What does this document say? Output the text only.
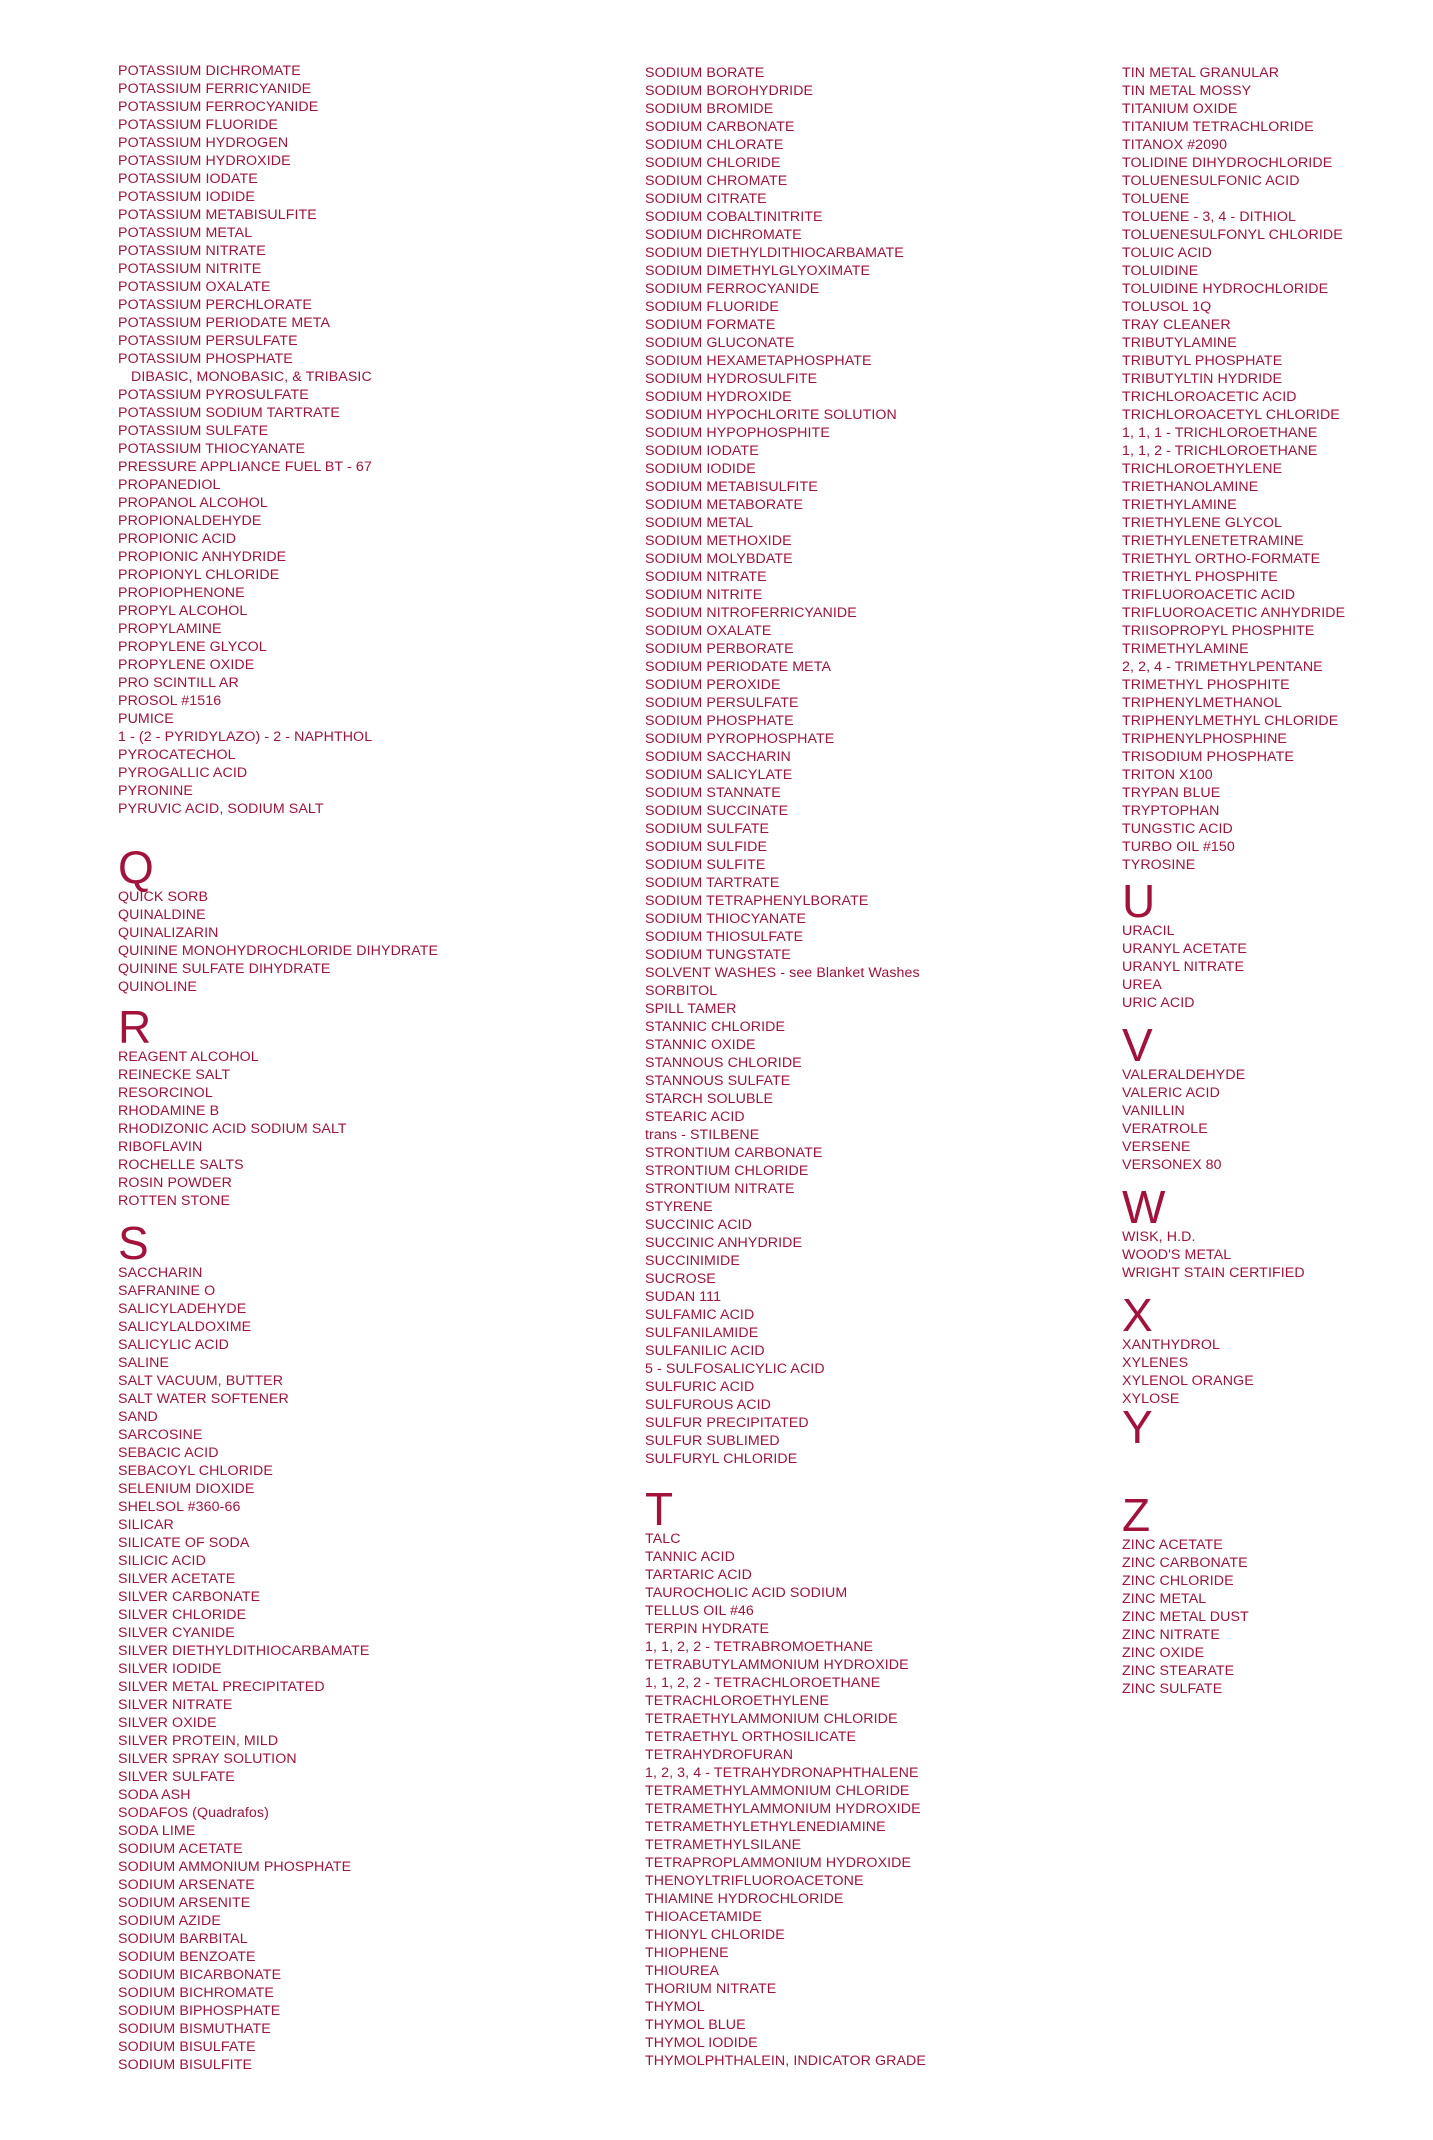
POTASSIUM DICHROMATE
POTASSIUM FERRICYANIDE
POTASSIUM FERROCYANIDE
POTASSIUM FLUORIDE
POTASSIUM HYDROGEN
POTASSIUM HYDROXIDE
POTASSIUM IODATE
POTASSIUM IODIDE
POTASSIUM METABISULFITE
POTASSIUM METAL
POTASSIUM NITRATE
POTASSIUM NITRITE
POTASSIUM OXALATE
POTASSIUM PERCHLORATE
POTASSIUM PERIODATE META
POTASSIUM PERSULFATE
POTASSIUM PHOSPHATE
DIBASIC, MONOBASIC, & TRIBASIC
POTASSIUM PYROSULFATE
POTASSIUM SODIUM TARTRATE
POTASSIUM SULFATE
POTASSIUM THIOCYANATE
PRESSURE APPLIANCE FUEL BT - 67
PROPANEDIOL
PROPANOL ALCOHOL
PROPIONALDEHYDE
PROPIONIC ACID
PROPIONIC ANHYDRIDE
PROPIONYL CHLORIDE
PROPIOPHENONE
PROPYL ALCOHOL
PROPYLAMINE
PROPYLENE GLYCOL
PROPYLENE OXIDE
PRO SCINTILL AR
PROSOL #1516
PUMICE
1 - (2 - PYRIDYLAZO) - 2 - NAPHTHOL
PYROCATECHOL
PYROGALLIC ACID
PYRONINE
PYRUVIC ACID, SODIUM SALT
Q
QUICK SORB
QUINALDINE
QUINALIZARIN
QUININE MONOHYDROCHLORIDE DIHYDRATE
QUININE SULFATE DIHYDRATE
QUINOLINE
R
REAGENT ALCOHOL
REINECKE SALT
RESORCINOL
RHODAMINE B
RHODIZONIC ACID SODIUM SALT
RIBOFLAVIN
ROCHELLE SALTS
ROSIN POWDER
ROTTEN STONE
S
SACCHARIN
SAFRANINE O
SALICYLADEHYDE
SALICYLALDOXIME
SALICYLIC ACID
SALINE
SALT VACUUM, BUTTER
SALT WATER SOFTENER
SAND
SARCOSINE
SEBACIC ACID
SEBACOYL CHLORIDE
SELENIUM DIOXIDE
SHELSOL #360-66
SILICAR
SILICATE OF SODA
SILICIC ACID
SILVER ACETATE
SILVER CARBONATE
SILVER CHLORIDE
SILVER CYANIDE
SILVER DIETHYLDITHIOCARBAMATE
SILVER IODIDE
SILVER METAL PRECIPITATED
SILVER NITRATE
SILVER OXIDE
SILVER PROTEIN, MILD
SILVER SPRAY SOLUTION
SILVER SULFATE
SODA ASH
SODAFOS (Quadrafos)
SODA LIME
SODIUM ACETATE
SODIUM AMMONIUM PHOSPHATE
SODIUM ARSENATE
SODIUM ARSENITE
SODIUM AZIDE
SODIUM BARBITAL
SODIUM BENZOATE
SODIUM BICARBONATE
SODIUM BICHROMATE
SODIUM BIPHOSPHATE
SODIUM BISMUTHATE
SODIUM BISULFATE
SODIUM BISULFITE
SODIUM BORATE
SODIUM BOROHYDRIDE
SODIUM BROMIDE
SODIUM CARBONATE
SODIUM CHLORATE
SODIUM CHLORIDE
SODIUM CHROMATE
SODIUM CITRATE
SODIUM COBALTINITRITE
SODIUM DICHROMATE
SODIUM DIETHYLDITHIOCARBAMATE
SODIUM DIMETHYLGLYOXIMATE
SODIUM FERROCYANIDE
SODIUM FLUORIDE
SODIUM FORMATE
SODIUM GLUCONATE
SODIUM HEXAMETAPHOSPHATE
SODIUM HYDROSULFITE
SODIUM HYDROXIDE
SODIUM HYPOCHLORITE SOLUTION
SODIUM HYPOPHOSPHITE
SODIUM IODATE
SODIUM IODIDE
SODIUM METABISULFITE
SODIUM METABORATE
SODIUM METAL
SODIUM METHOXIDE
SODIUM MOLYBDATE
SODIUM NITRATE
SODIUM NITRITE
SODIUM NITROFERRICYANIDE
SODIUM OXALATE
SODIUM PERBORATE
SODIUM PERIODATE META
SODIUM PEROXIDE
SODIUM PERSULFATE
SODIUM PHOSPHATE
SODIUM PYROPHOSPHATE
SODIUM SACCHARIN
SODIUM SALICYLATE
SODIUM STANNATE
SODIUM SUCCINATE
SODIUM SULFATE
SODIUM SULFIDE
SODIUM SULFITE
SODIUM TARTRATE
SODIUM TETRAPHENYLBORATE
SODIUM THIOCYANATE
SODIUM THIOSULFATE
SODIUM TUNGSTATE
SOLVENT WASHES - see Blanket Washes
SORBITOL
SPILL TAMER
STANNIC CHLORIDE
STANNIC OXIDE
STANNOUS CHLORIDE
STANNOUS SULFATE
STARCH SOLUBLE
STEARIC ACID
trans - STILBENE
STRONTIUM CARBONATE
STRONTIUM CHLORIDE
STRONTIUM NITRATE
STYRENE
SUCCINIC ACID
SUCCINIC ANHYDRIDE
SUCCINIMIDE
SUCROSE
SUDAN 111
SULFAMIC ACID
SULFANILAMIDE
SULFANILIC ACID
5 - SULFOSALICYLIC ACID
SULFURIC ACID
SULFUROUS ACID
SULFUR PRECIPITATED
SULFUR SUBLIMED
SULFURYL CHLORIDE
T
TALC
TANNIC ACID
TARTARIC ACID
TAUROCHOLIC ACID SODIUM
TELLUS OIL #46
TERPIN HYDRATE
1, 1, 2, 2 - TETRABROMOETHANE
TETRABUTYLAMMONIUM HYDROXIDE
1, 1, 2, 2 - TETRACHLOROETHANE
TETRACHLOROETHYLENE
TETRAETHYLAMMONIUM CHLORIDE
TETRAETHYL ORTHOSILICATE
TETRAHYDROFURAN
1, 2, 3, 4 - TETRAHYDRONAPHTHALENE
TETRAMETHYLAMMONIUM CHLORIDE
TETRAMETHYLAMMONIUM HYDROXIDE
TETRAMETHYLETHYLENEDIAMINE
TETRAMETHYLSILANE
TETRAPROPLAMMONIUM HYDROXIDE
THENOYLTRIFLUOROACETONE
THIAMINE HYDROCHLORIDE
THIOACETAMIDE
THIONYL CHLORIDE
THIOPHENE
THIOUREA
THORIUM NITRATE
THYMOL
THYMOL BLUE
THYMOL IODIDE
THYMOLPHTHALEIN, INDICATOR GRADE
TIN METAL GRANULAR
TIN METAL MOSSY
TITANIUM OXIDE
TITANIUM TETRACHLORIDE
TITANOX #2090
TOLIDINE DIHYDROCHLORIDE
TOLUENESULFONIC ACID
TOLUENE
TOLUENE - 3, 4 - DITHIOL
TOLUENESULFONYL CHLORIDE
TOLUIC ACID
TOLUIDINE
TOLUIDINE HYDROCHLORIDE
TOLUSOL 1Q
TRAY CLEANER
TRIBUTYLAMINE
TRIBUTYL PHOSPHATE
TRIBUTYLTIN HYDRIDE
TRICHLOROACETIC ACID
TRICHLOROACETYL CHLORIDE
1, 1, 1 - TRICHLOROETHANE
1, 1, 2 - TRICHLOROETHANE
TRICHLOROETHYLENE
TRIETHANOLAMINE
TRIETHYLAMINE
TRIETHYLENE GLYCOL
TRIETHYLENETETRAMINE
TRIETHYL ORTHO-FORMATE
TRIETHYL PHOSPHITE
TRIFLUOROACETIC ACID
TRIFLUOROACETIC ANHYDRIDE
TRIISOPROPYL PHOSPHITE
TRIMETHYLAMINE
2, 2, 4 - TRIMETHYLPENTANE
TRIMETHYL PHOSPHITE
TRIPHENYLMETHANOL
TRIPHENYLMETHYL CHLORIDE
TRIPHENYLPHOSPHINE
TRISODIUM PHOSPHATE
TRITON X100
TRYPAN BLUE
TRYPTOPHAN
TUNGSTIC ACID
TURBO OIL #150
TYROSINE
U
URACIL
URANYL ACETATE
URANYL NITRATE
UREA
URIC ACID
V
VALERALDEHYDE
VALERIC ACID
VANILLIN
VERATROLE
VERSENE
VERSONEX 80
W
WISK, H.D.
WOOD'S METAL
WRIGHT STAIN CERTIFIED
X
XANTHYDROL
XYLENES
XYLENOL ORANGE
XYLOSE
Y
Z
ZINC ACETATE
ZINC CARBONATE
ZINC CHLORIDE
ZINC METAL
ZINC METAL DUST
ZINC NITRATE
ZINC OXIDE
ZINC STEARATE
ZINC SULFATE
